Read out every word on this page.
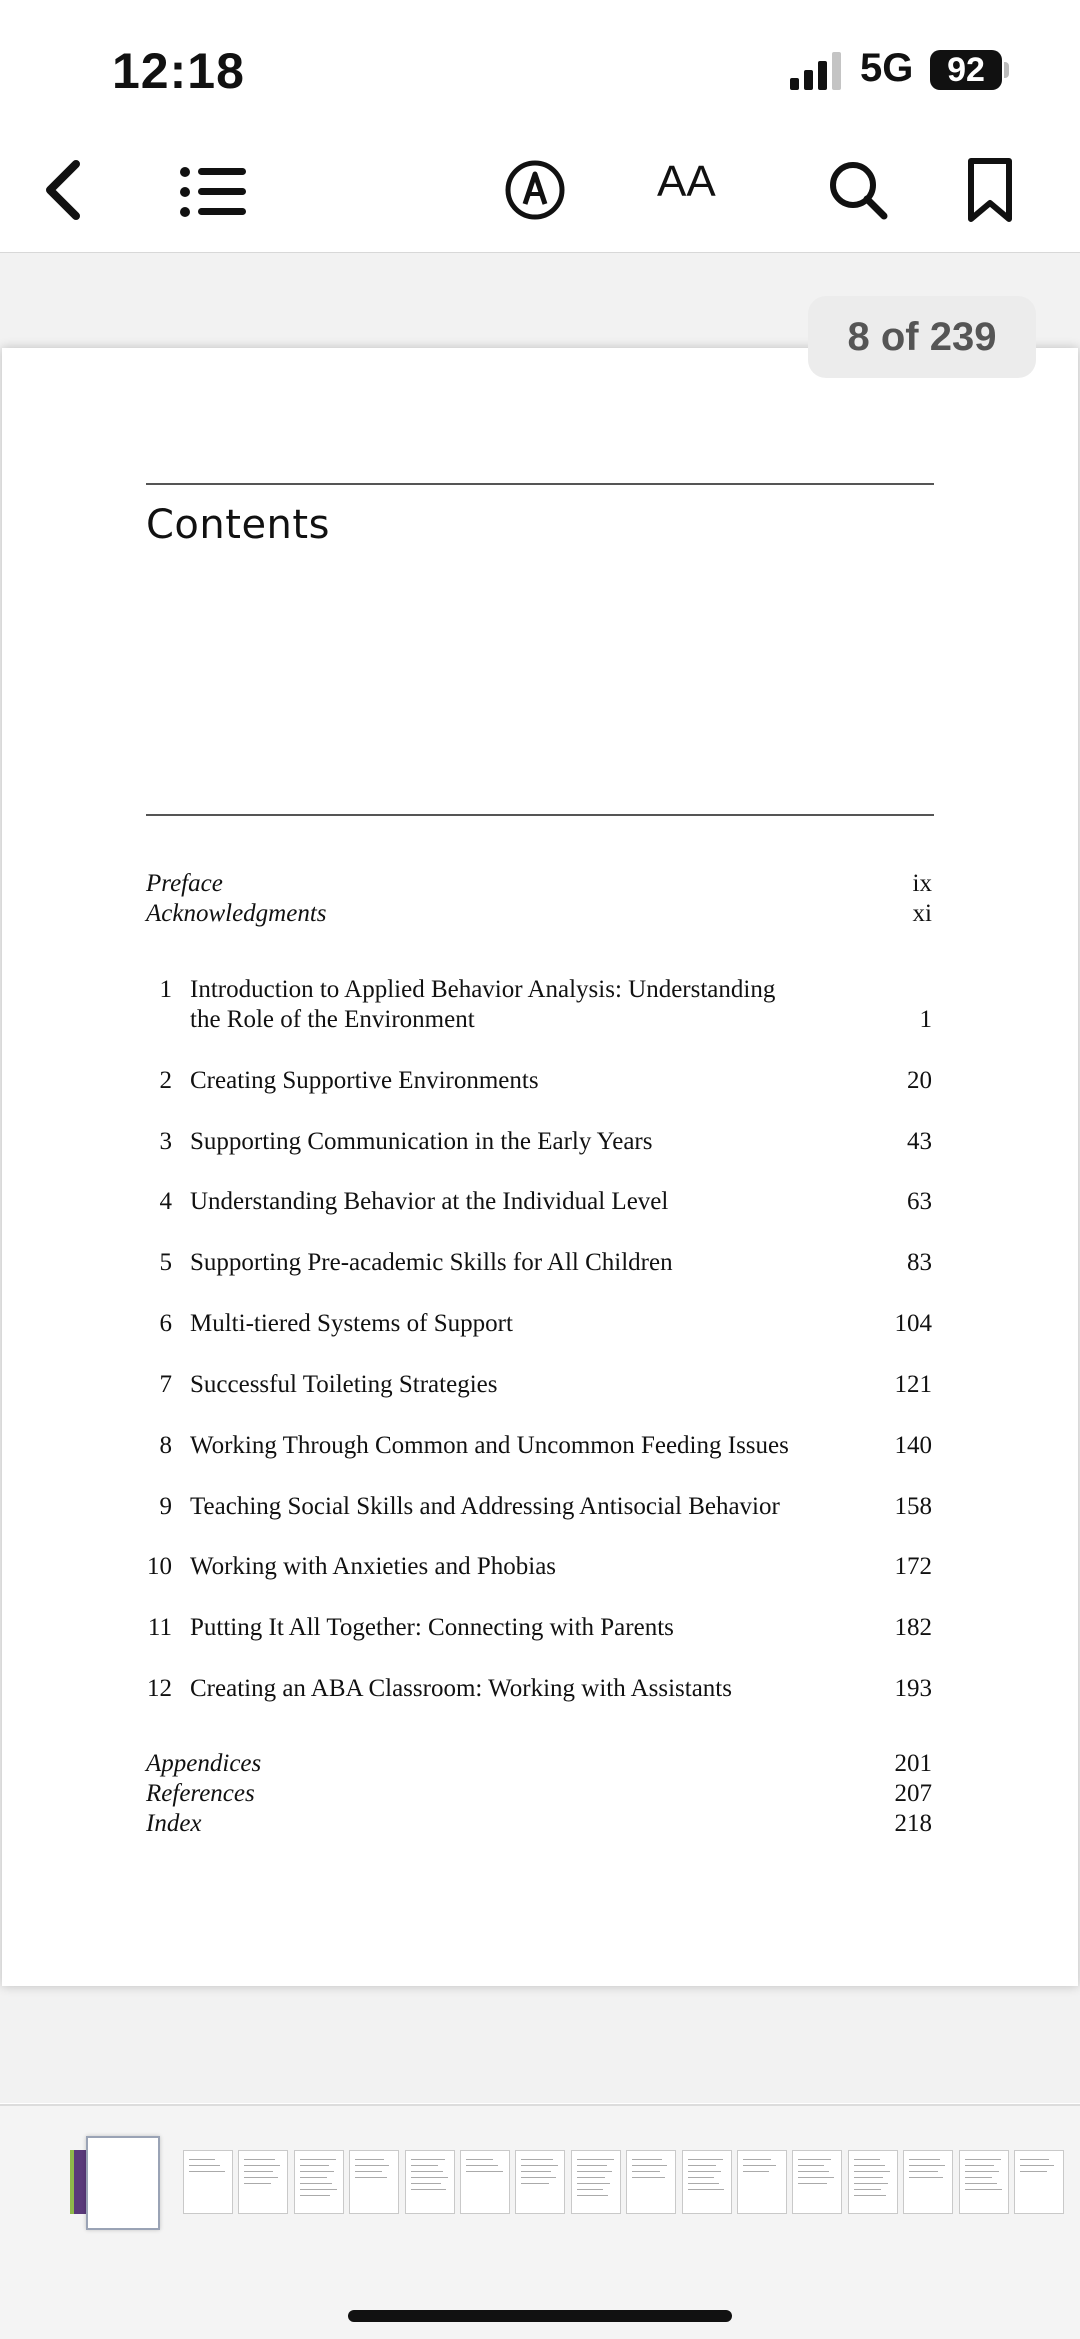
12:18	5G 92
AA
8 of 239
Contents
Preface	ix
Acknowledgments	xi
1 Introduction to Applied Behavior Analysis: Understanding
the Role of the Environment	1
2 Creating Supportive Environments	20
3 Supporting Communication in the Early Years	43
4 Understanding Behavior at the Individual Level	63
5 Supporting Pre-academic Skills for All Children	83
6 Multi-tiered Systems of Support	104
7 Successful Toileting Strategies	121
8 Working Through Common and Uncommon Feeding Issues	140
9 Teaching Social Skills and Addressing Antisocial Behavior	158
10 Working with Anxieties and Phobias	172
11 Putting It All Together: Connecting with Parents	182
12 Creating an ABA Classroom: Working with Assistants	193
Appendices	201
References	207
Index	218
